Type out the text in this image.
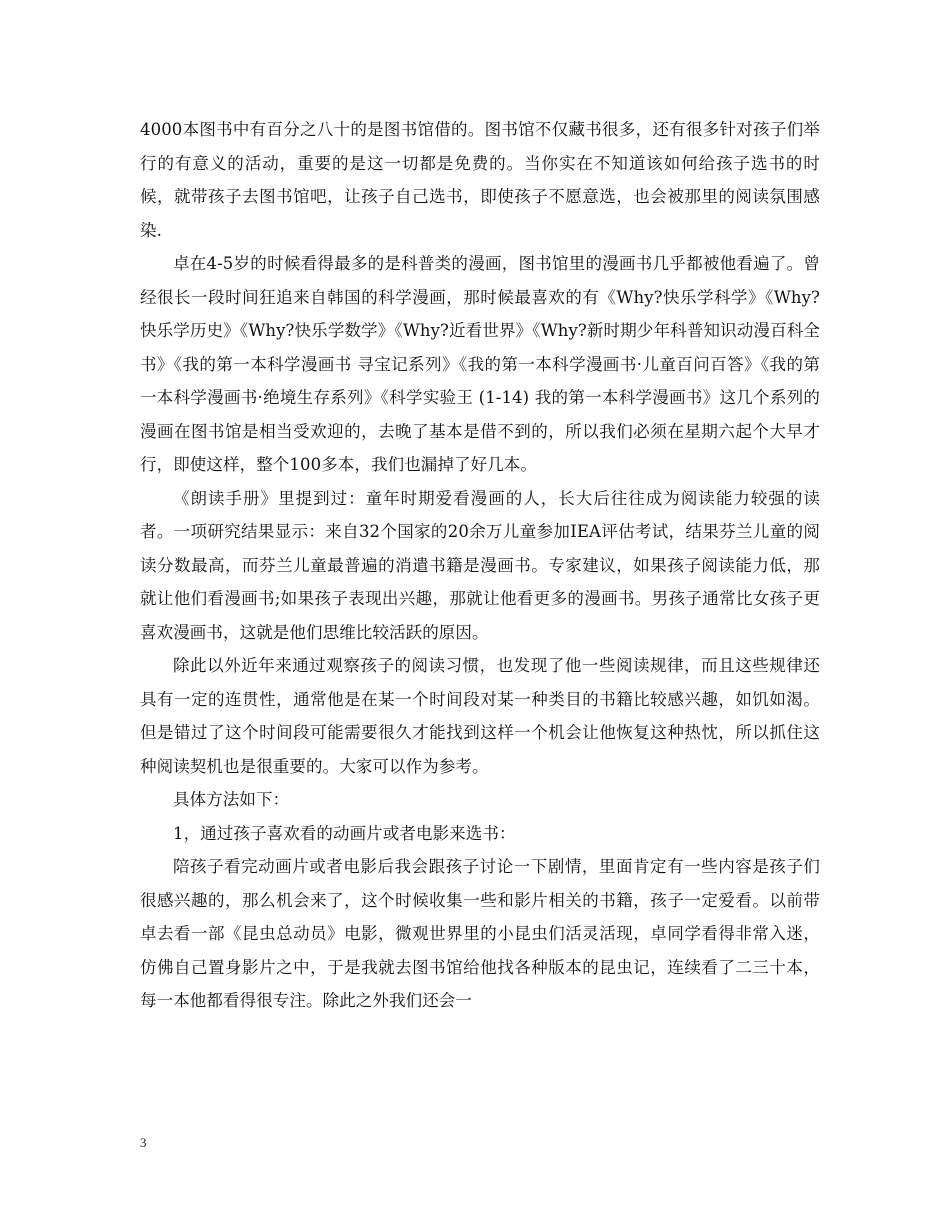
4000本图书中有百分之八十的是图书馆借的。图书馆不仅藏书很多，还有很多针对孩子们举行的有意义的活动，重要的是这一切都是免费的。当你实在不知道该如何给孩子选书的时候，就带孩子去图书馆吧，让孩子自己选书，即使孩子不愿意选，也会被那里的阅读氛围感染.

卓在4-5岁的时候看得最多的是科普类的漫画，图书馆里的漫画书几乎都被他看遍了。曾经很长一段时间狂追来自韩国的科学漫画，那时候最喜欢的有《Why?快乐学科学》《Why?快乐学历史》《Why?快乐学数学》《Why?近看世界》《Why?新时期少年科普知识动漫百科全书》《我的第一本科学漫画书 寻宝记系列》《我的第一本科学漫画书·儿童百问百答》《我的第一本科学漫画书·绝境生存系列》《科学实验王 (1-14) 我的第一本科学漫画书》这几个系列的漫画在图书馆是相当受欢迎的，去晚了基本是借不到的，所以我们必须在星期六起个大早才行，即使这样，整个100多本，我们也漏掉了好几本。

《朗读手册》里提到过：童年时期爱看漫画的人，长大后往往成为阅读能力较强的读者。一项研究结果显示：来自32个国家的20余万儿童参加IEA评估考试，结果芬兰儿童的阅读分数最高，而芬兰儿童最普遍的消遣书籍是漫画书。专家建议，如果孩子阅读能力低，那就让他们看漫画书;如果孩子表现出兴趣，那就让他看更多的漫画书。男孩子通常比女孩子更喜欢漫画书，这就是他们思维比较活跃的原因。

除此以外近年来通过观察孩子的阅读习惯，也发现了他一些阅读规律，而且这些规律还具有一定的连贯性，通常他是在某一个时间段对某一种类目的书籍比较感兴趣，如饥如渴。但是错过了这个时间段可能需要很久才能找到这样一个机会让他恢复这种热忱，所以抓住这种阅读契机也是很重要的。大家可以作为参考。

具体方法如下：

1，通过孩子喜欢看的动画片或者电影来选书：

陪孩子看完动画片或者电影后我会跟孩子讨论一下剧情，里面肯定有一些内容是孩子们很感兴趣的，那么机会来了，这个时候收集一些和影片相关的书籍，孩子一定爱看。以前带卓去看一部《昆虫总动员》电影，微观世界里的小昆虫们活灵活现，卓同学看得非常入迷，仿佛自己置身影片之中，于是我就去图书馆给他找各种版本的昆虫记，连续看了二三十本，每一本他都看得很专注。除此之外我们还会一

3
